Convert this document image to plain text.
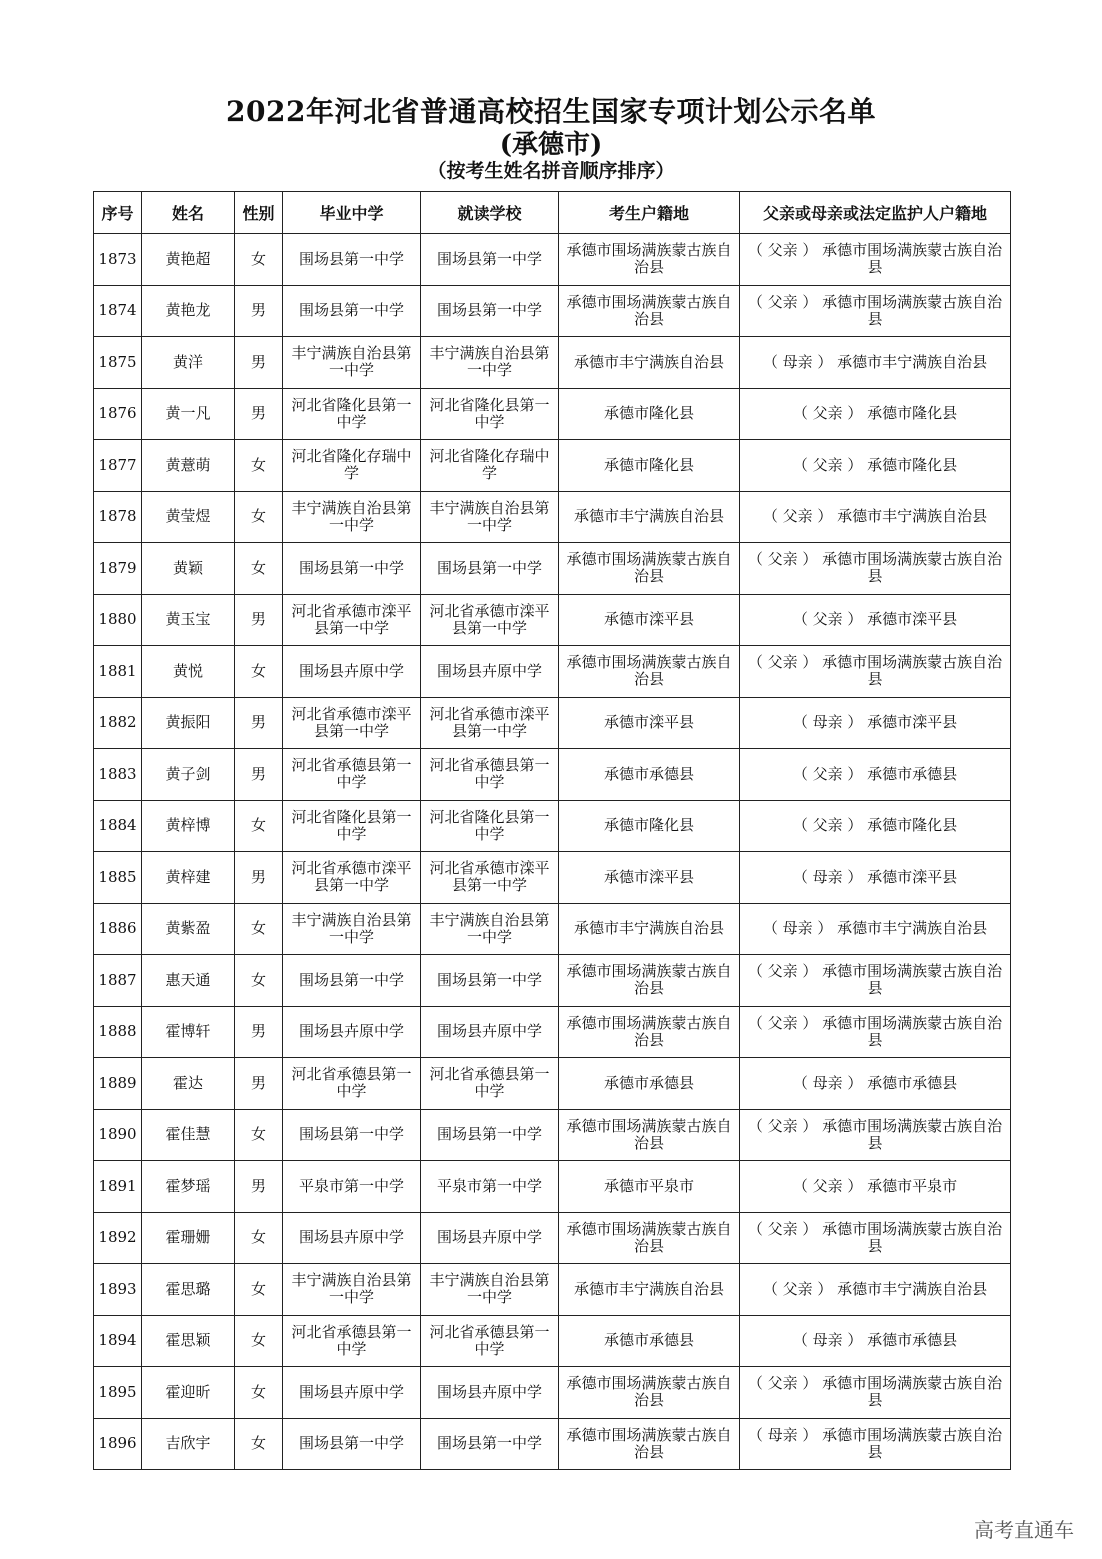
2022年河北省普通高校招生国家专项计划公示名单
(承德市)
（按考生姓名拼音顺序排序）
序号	姓名	性别	毕业中学	就读学校	考生户籍地	父亲或母亲或法定监护人户籍地
1873	黄艳超	女	围场县第一中学	围场县第一中学	承德市围场满族蒙古族自治县	（ 父亲 ） 承德市围场满族蒙古族自治县
1874	黄艳龙	男	围场县第一中学	围场县第一中学	承德市围场满族蒙古族自治县	（ 父亲 ） 承德市围场满族蒙古族自治县
1875	黄洋	男	丰宁满族自治县第一中学	丰宁满族自治县第一中学	承德市丰宁满族自治县	（ 母亲 ） 承德市丰宁满族自治县
1876	黄一凡	男	河北省隆化县第一中学	河北省隆化县第一中学	承德市隆化县	（ 父亲 ） 承德市隆化县
1877	黄薏萌	女	河北省隆化存瑞中学	河北省隆化存瑞中学	承德市隆化县	（ 父亲 ） 承德市隆化县
1878	黄莹煜	女	丰宁满族自治县第一中学	丰宁满族自治县第一中学	承德市丰宁满族自治县	（ 父亲 ） 承德市丰宁满族自治县
1879	黄颖	女	围场县第一中学	围场县第一中学	承德市围场满族蒙古族自治县	（ 父亲 ） 承德市围场满族蒙古族自治县
1880	黄玉宝	男	河北省承德市滦平县第一中学	河北省承德市滦平县第一中学	承德市滦平县	（ 父亲 ） 承德市滦平县
1881	黄悦	女	围场县卉原中学	围场县卉原中学	承德市围场满族蒙古族自治县	（ 父亲 ） 承德市围场满族蒙古族自治县
1882	黄振阳	男	河北省承德市滦平县第一中学	河北省承德市滦平县第一中学	承德市滦平县	（ 母亲 ） 承德市滦平县
1883	黄子剑	男	河北省承德县第一中学	河北省承德县第一中学	承德市承德县	（ 父亲 ） 承德市承德县
1884	黄梓博	女	河北省隆化县第一中学	河北省隆化县第一中学	承德市隆化县	（ 父亲 ） 承德市隆化县
1885	黄梓建	男	河北省承德市滦平县第一中学	河北省承德市滦平县第一中学	承德市滦平县	（ 母亲 ） 承德市滦平县
1886	黄紫盈	女	丰宁满族自治县第一中学	丰宁满族自治县第一中学	承德市丰宁满族自治县	（ 母亲 ） 承德市丰宁满族自治县
1887	惠天通	女	围场县第一中学	围场县第一中学	承德市围场满族蒙古族自治县	（ 父亲 ） 承德市围场满族蒙古族自治县
1888	霍博轩	男	围场县卉原中学	围场县卉原中学	承德市围场满族蒙古族自治县	（ 父亲 ） 承德市围场满族蒙古族自治县
1889	霍达	男	河北省承德县第一中学	河北省承德县第一中学	承德市承德县	（ 母亲 ） 承德市承德县
1890	霍佳慧	女	围场县第一中学	围场县第一中学	承德市围场满族蒙古族自治县	（ 父亲 ） 承德市围场满族蒙古族自治县
1891	霍梦瑶	男	平泉市第一中学	平泉市第一中学	承德市平泉市	（ 父亲 ） 承德市平泉市
1892	霍珊姗	女	围场县卉原中学	围场县卉原中学	承德市围场满族蒙古族自治县	（ 父亲 ） 承德市围场满族蒙古族自治县
1893	霍思璐	女	丰宁满族自治县第一中学	丰宁满族自治县第一中学	承德市丰宁满族自治县	（ 父亲 ） 承德市丰宁满族自治县
1894	霍思颖	女	河北省承德县第一中学	河北省承德县第一中学	承德市承德县	（ 母亲 ） 承德市承德县
1895	霍迎昕	女	围场县卉原中学	围场县卉原中学	承德市围场满族蒙古族自治县	（ 父亲 ） 承德市围场满族蒙古族自治县
1896	吉欣宇	女	围场县第一中学	围场县第一中学	承德市围场满族蒙古族自治县	（ 母亲 ） 承德市围场满族蒙古族自治县
高考直通车
